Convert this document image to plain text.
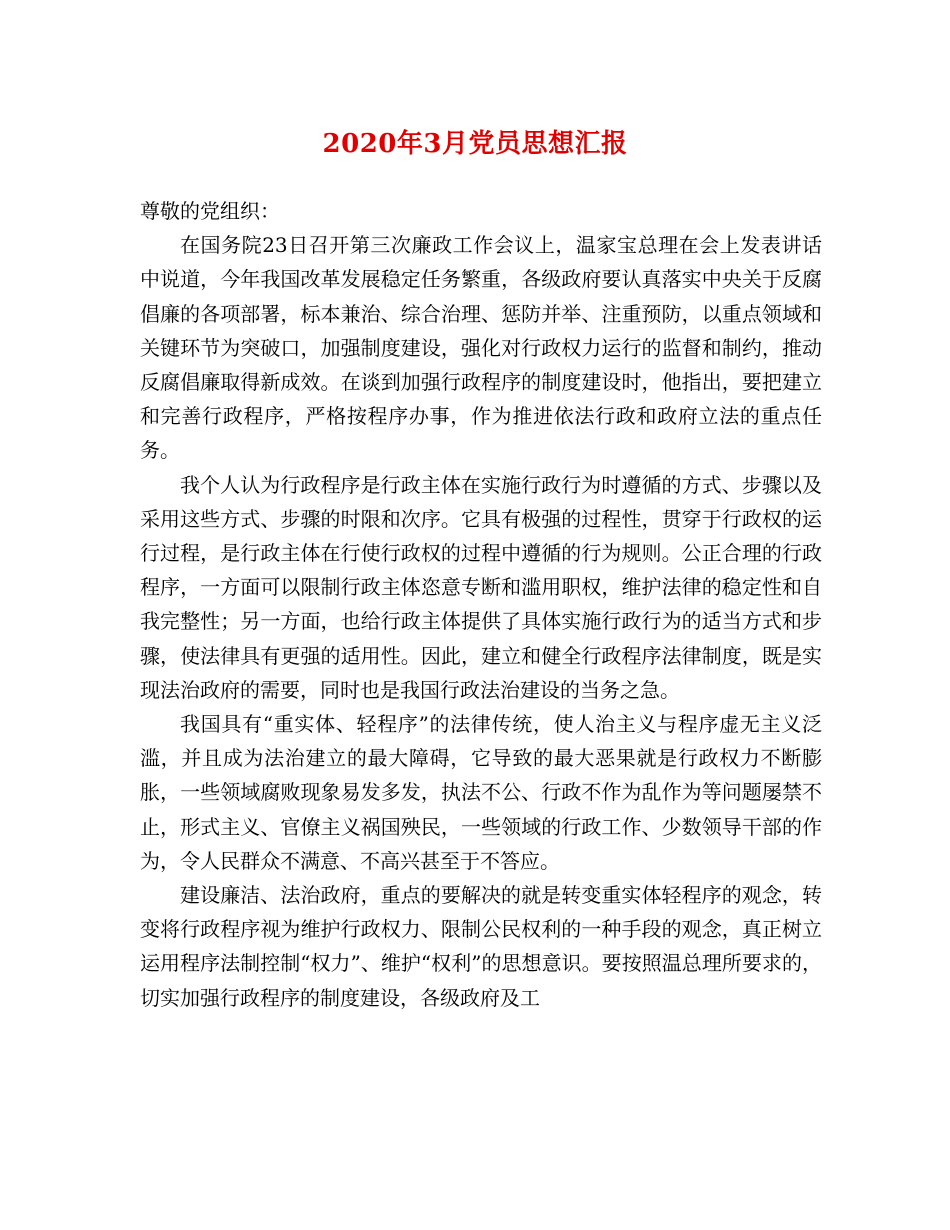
2020年3月党员思想汇报

尊敬的党组织：

在国务院23日召开第三次廉政工作会议上，温家宝总理在会上发表讲话中说道，今年我国改革发展稳定任务繁重，各级政府要认真落实中央关于反腐倡廉的各项部署，标本兼治、综合治理、惩防并举、注重预防，以重点领域和关键环节为突破口，加强制度建设，强化对行政权力运行的监督和制约，推动反腐倡廉取得新成效。在谈到加强行政程序的制度建设时，他指出，要把建立和完善行政程序，严格按程序办事，作为推进依法行政和政府立法的重点任务。

我个人认为行政程序是行政主体在实施行政行为时遵循的方式、步骤以及采用这些方式、步骤的时限和次序。它具有极强的过程性，贯穿于行政权的运行过程，是行政主体在行使行政权的过程中遵循的行为规则。公正合理的行政程序，一方面可以限制行政主体恣意专断和滥用职权，维护法律的稳定性和自我完整性；另一方面，也给行政主体提供了具体实施行政行为的适当方式和步骤，使法律具有更强的适用性。因此，建立和健全行政程序法律制度，既是实现法治政府的需要，同时也是我国行政法治建设的当务之急。

我国具有“重实体、轻程序”的法律传统，使人治主义与程序虚无主义泛滥，并且成为法治建立的最大障碍，它导致的最大恶果就是行政权力不断膨胀，一些领域腐败现象易发多发，执法不公、行政不作为乱作为等问题屡禁不止，形式主义、官僚主义祸国殃民，一些领域的行政工作、少数领导干部的作为，令人民群众不满意、不高兴甚至于不答应。

建设廉洁、法治政府，重点的要解决的就是转变重实体轻程序的观念，转变将行政程序视为维护行政权力、限制公民权利的一种手段的观念，真正树立运用程序法制控制“权力”、维护“权利”的思想意识。要按照温总理所要求的，切实加强行政程序的制度建设，各级政府及工
